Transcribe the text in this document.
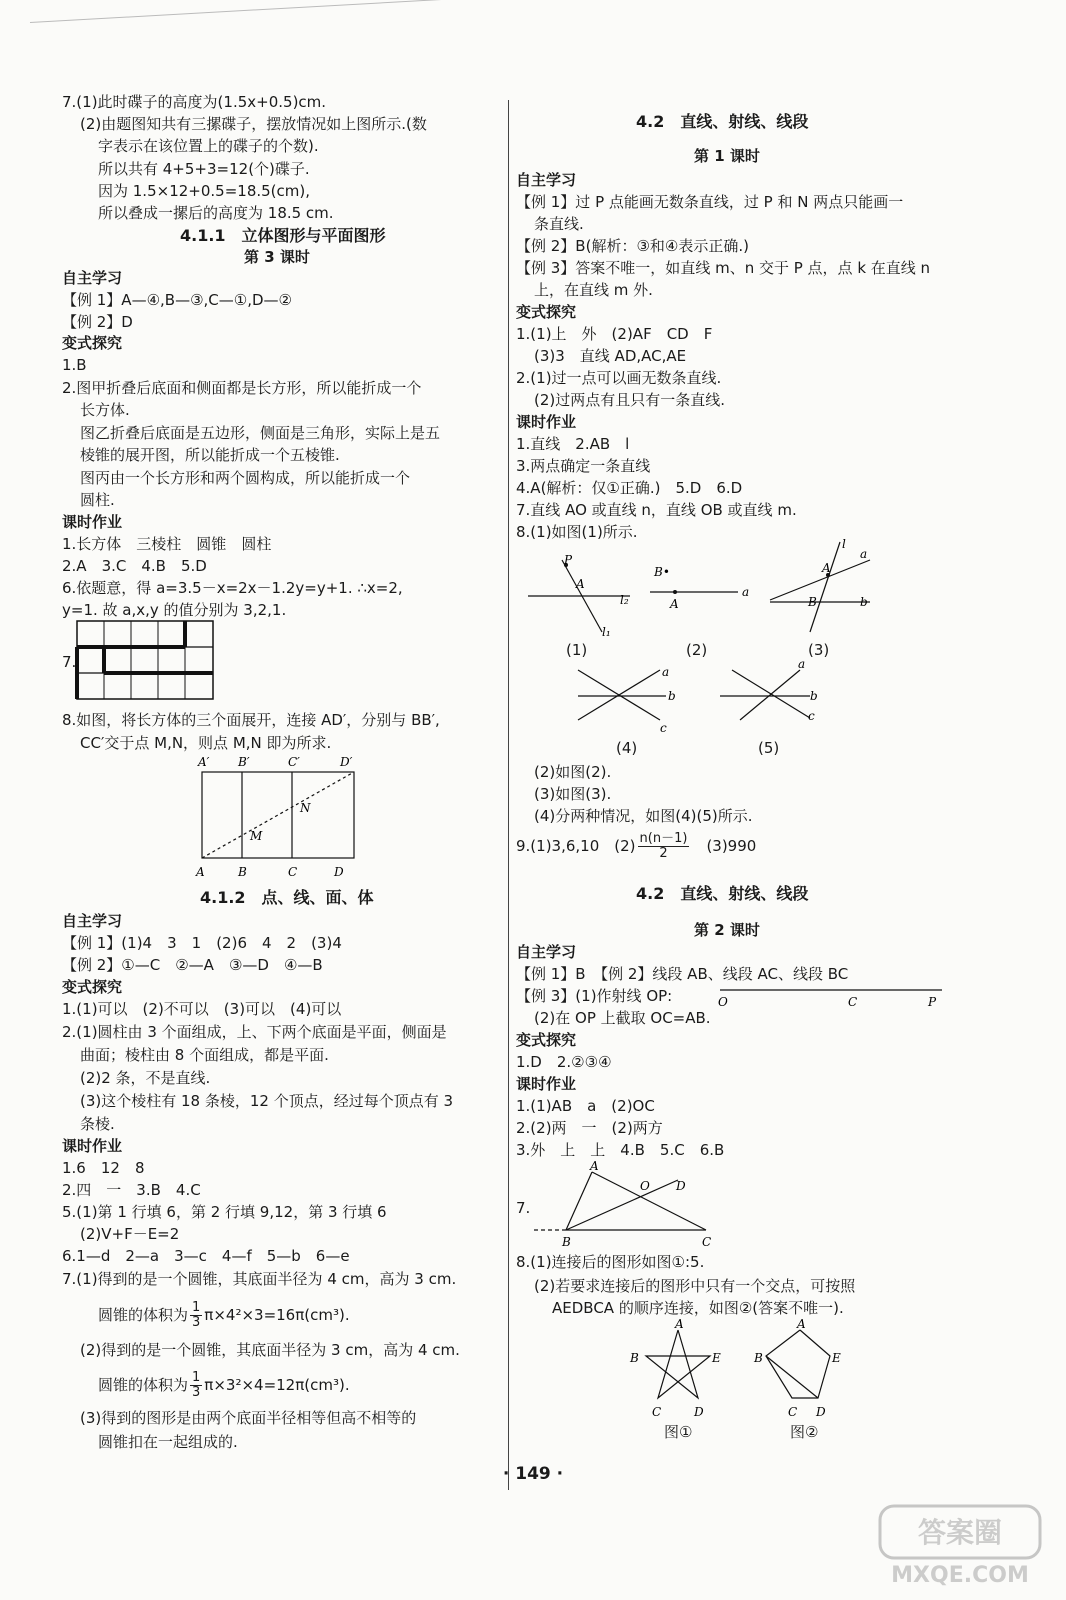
7.(1)此时碟子的高度为(1.5x+0.5)cm.
(2)由题图知共有三摞碟子，摆放情况如上图所示.(数
字表示在该位置上的碟子的个数).
所以共有 4+5+3=12(个)碟子.
因为 1.5×12+0.5=18.5(cm),
所以叠成一摞后的高度为 18.5 cm.
4.1.1　立体图形与平面图形
第 3 课时
自主学习
【例 1】A—④,B—③,C—①,D—②
【例 2】D
变式探究
1.B
2.图甲折叠后底面和侧面都是长方形，所以能折成一个
长方体.
图乙折叠后底面是五边形，侧面是三角形，实际上是五
棱锥的展开图，所以能折成一个五棱锥.
图丙由一个长方形和两个圆构成，所以能折成一个
圆柱.
课时作业
1.长方体　三棱柱　圆锥　圆柱
2.A　3.C　4.B　5.D
6.依题意，得 a=3.5－x=2x－1.2y=y+1. ∴x=2,
y=1. 故 a,x,y 的值分别为 3,2,1.
7.
8.如图，将长方体的三个面展开，连接 AD′，分别与 BB′,
CC′交于点 M,N，则点 M,N 即为所求.
A′ B′	C′	D′
N
M
A	B	C	D
4.1.2　点、线、面、体
自主学习
【例 1】(1)4　3　1　(2)6　4　2　(3)4
【例 2】①—C　②—A　③—D　④—B
变式探究
1.(1)可以　(2)不可以　(3)可以　(4)可以
2.(1)圆柱由 3 个面组成，上、下两个底面是平面，侧面是
曲面；棱柱由 8 个面组成，都是平面.
(2)2 条，不是直线.
(3)这个棱柱有 18 条棱，12 个顶点，经过每个顶点有 3
条棱.
课时作业
1.6　12　8
2.四　一　3.B　4.C
5.(1)第 1 行填 6，第 2 行填 9,12，第 3 行填 6
(2)V+F－E=2
6.1—d　2—a　3—c　4—f　5—b　6—e
7.(1)得到的是一个圆锥，其底面半径为 4 cm，高为 3 cm.
圆锥的体积为 $\frac{1}{3} \pi\times 4^2\times 3=16\pi(cm^3)$.
(2)得到的是一个圆锥，其底面半径为 3 cm，高为 4 cm.
圆锥的体积为 $\frac{1}{3} \pi\times 3^2\times 4=12\pi(cm^3)$.
(3)得到的图形是由两个底面半径相等但高不相等的
圆锥扣在一起组成的.
4.2　直线、射线、线段
第 1 课时
自主学习
【例 1】过 P 点能画无数条直线，过 P 和 N 两点只能画一
条直线.
【例 2】B(解析：③和④表示正确.)
【例 3】答案不唯一，如直线 m、n 交于 P 点，点 k 在直线 n
上，在直线 m 外.
变式探究
1.(1)上　外　(2)AF　CD　F
(3)3　直线 AD,AC,AE
2.(1)过一点可以画无数条直线.
(2)过两点有且只有一条直线.
课时作业
1.直线　2.AB　l
3.两点确定一条直线
4.A(解析：仅①正确.)　5.D　6.D
7.直线 AO 或直线 n，直线 OB 或直线 m.
8.(1)如图(1)所示.
P
A
l₂
l₁
B•
A
a
l
a
A
B	b
(1)	(2)	(3)
a
b
c
a
b
c
(4)	(5)
(2)如图(2).
(3)如图(3).
(4)分两种情况，如图(4)(5)所示.
9.(1)3,6,10　$(2) \frac{n(n-1)}{2}$ 　(3)990
4.2　直线、射线、线段
第 2 课时
自主学习
【例 1】B　【例 2】线段 AB、线段 AC、线段 BC
【例 3】(1)作射线 OP:	O	C	P
(2)在 OP 上截取 OC=AB.
变式探究
1.D　2.②③④
课时作业
1.(1)AB　a　(2)OC
2.(2)两　一　(2)两方
3.外　上　上　4.B　5.C　6.B
7.
A
O D
B	C
8.(1)连接后的图形如图①:5.
(2)若要求连接后的图形中只有一个交点，可按照
AEDBCA 的顺序连接，如图②(答案不唯一).
A
B	E
C	D
A
B	E
C D
图①	图②
· 149 ·
答案圈
MXQE.COM
